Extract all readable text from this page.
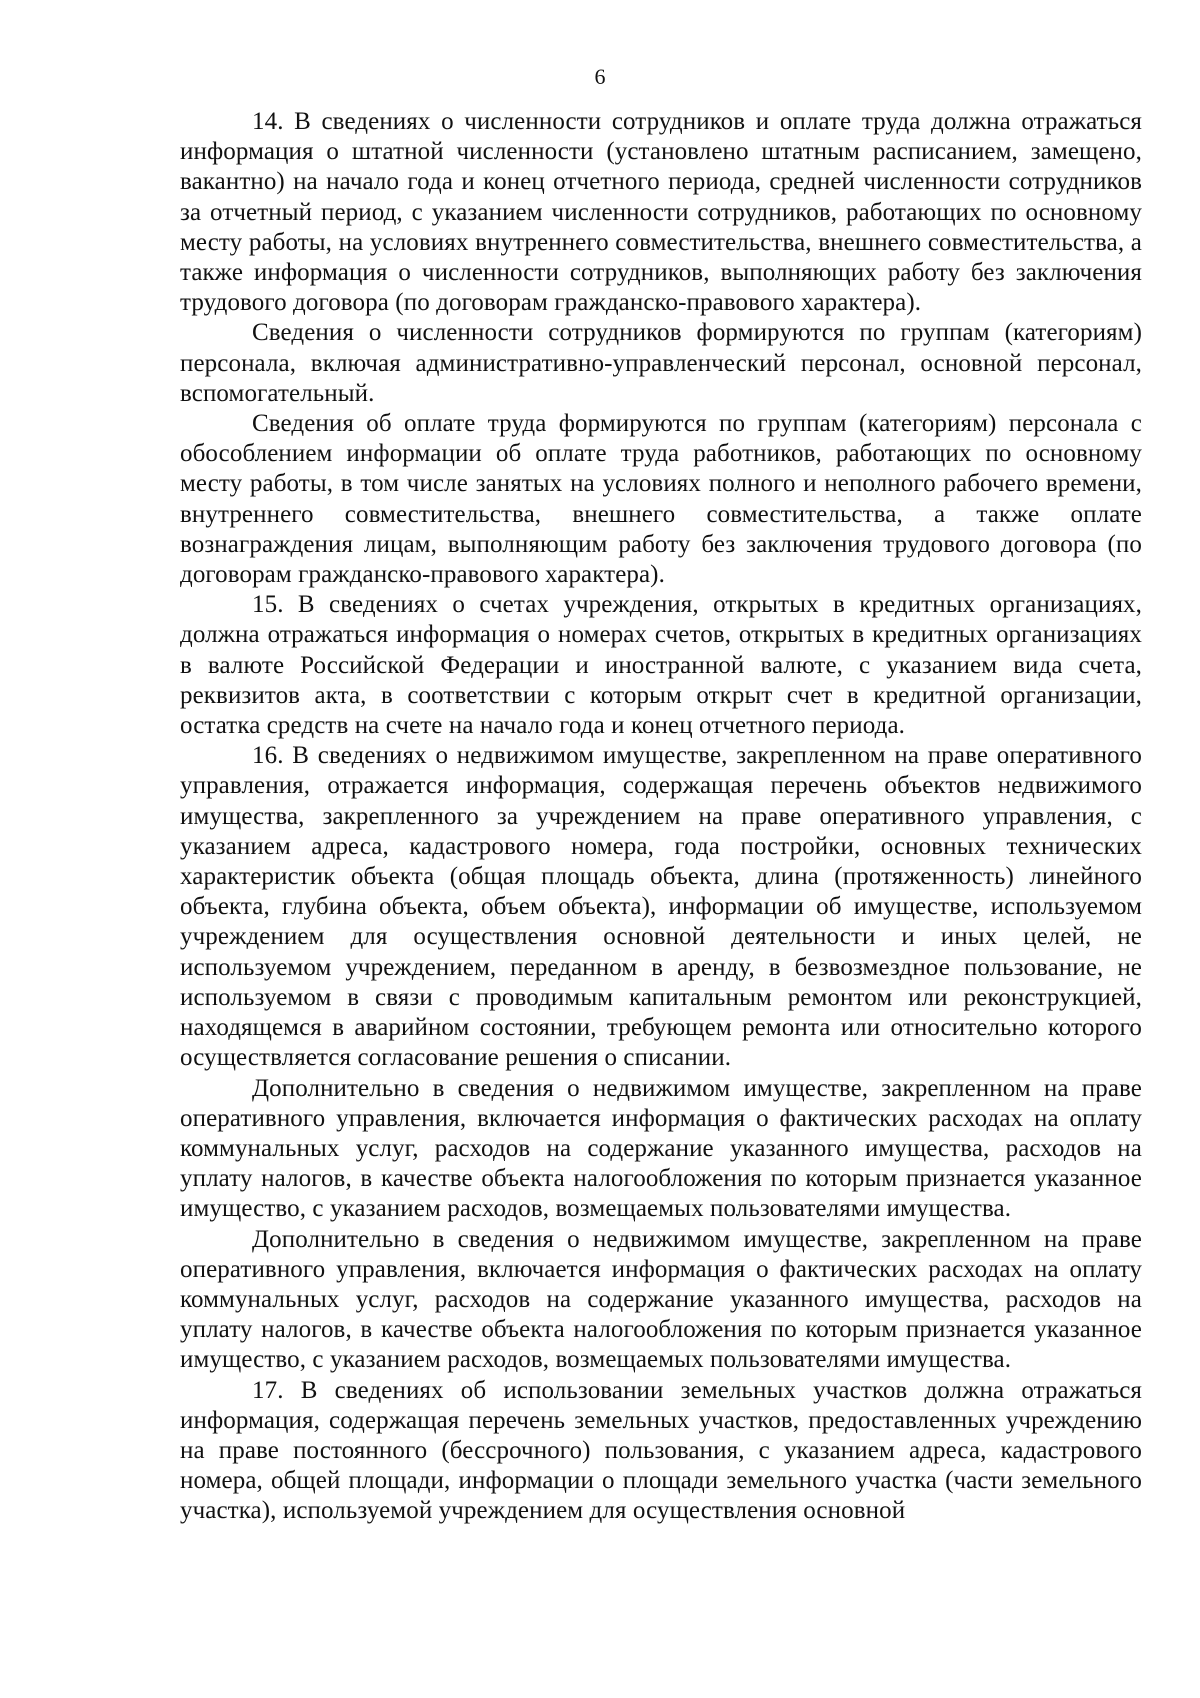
6

14. В сведениях о численности сотрудников и оплате труда должна отражаться информация о штатной численности (установлено штатным расписанием, замещено, вакантно) на начало года и конец отчетного периода, средней численности сотрудников за отчетный период, с указанием численности сотрудников, работающих по основному месту работы, на условиях внутреннего совместительства, внешнего совместительства, а также информация о численности сотрудников, выполняющих работу без заключения трудового договора (по договорам гражданско-правового характера).

Сведения о численности сотрудников формируются по группам (категориям) персонала, включая административно-управленческий персонал, основной персонал, вспомогательный.

Сведения об оплате труда формируются по группам (категориям) персонала с обособлением информации об оплате труда работников, работающих по основному месту работы, в том числе занятых на условиях полного и неполного рабочего времени, внутреннего совместительства, внешнего совместительства, а также оплате вознаграждения лицам, выполняющим работу без заключения трудового договора (по договорам гражданско-правового характера).

15. В сведениях о счетах учреждения, открытых в кредитных организациях, должна отражаться информация о номерах счетов, открытых в кредитных организациях в валюте Российской Федерации и иностранной валюте, с указанием вида счета, реквизитов акта, в соответствии с которым открыт счет в кредитной организации, остатка средств на счете на начало года и конец отчетного периода.

16. В сведениях о недвижимом имуществе, закрепленном на праве оперативного управления, отражается информация, содержащая перечень объектов недвижимого имущества, закрепленного за учреждением на праве оперативного управления, с указанием адреса, кадастрового номера, года постройки, основных технических характеристик объекта (общая площадь объекта, длина (протяженность) линейного объекта, глубина объекта, объем объекта), информации об имуществе, используемом учреждением для осуществления основной деятельности и иных целей, не используемом учреждением, переданном в аренду, в безвозмездное пользование, не используемом в связи с проводимым капитальным ремонтом или реконструкцией, находящемся в аварийном состоянии, требующем ремонта или относительно которого осуществляется согласование решения о списании.

Дополнительно в сведения о недвижимом имуществе, закрепленном на праве оперативного управления, включается информация о фактических расходах на оплату коммунальных услуг, расходов на содержание указанного имущества, расходов на уплату налогов, в качестве объекта налогообложения по которым признается указанное имущество, с указанием расходов, возмещаемых пользователями имущества.

Дополнительно в сведения о недвижимом имуществе, закрепленном на праве оперативного управления, включается информация о фактических расходах на оплату коммунальных услуг, расходов на содержание указанного имущества, расходов на уплату налогов, в качестве объекта налогообложения по которым признается указанное имущество, с указанием расходов, возмещаемых пользователями имущества.

17. В сведениях об использовании земельных участков должна отражаться информация, содержащая перечень земельных участков, предоставленных учреждению на праве постоянного (бессрочного) пользования, с указанием адреса, кадастрового номера, общей площади, информации о площади земельного участка (части земельного участка), используемой учреждением для осуществления основной
